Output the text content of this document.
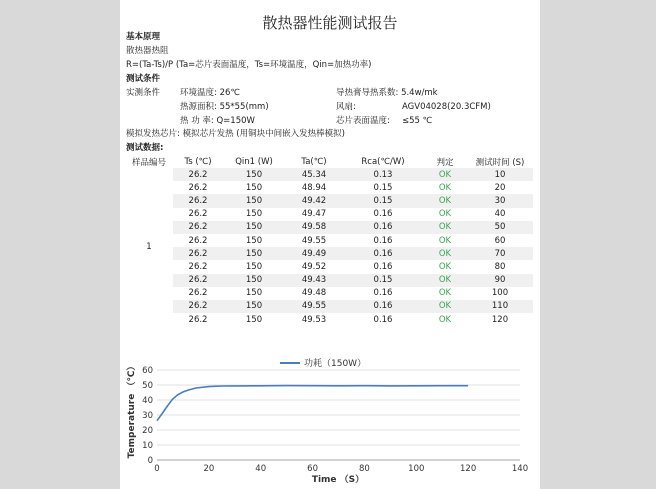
散热器性能测试报告
基本原理
散热器热阻
R=(Ta-Ts)/P (Ta=芯片表面温度，Ts=环境温度，Qin=加热功率)
测试条件
实测条件 环境温度: 26℃	导热膏导热系数: 5.4w/mk
热源面积: 55*55(mm)	风扇:	AGV04028(20.3CFM)
热 功 率: Q=150W	芯片表面温度: ≤55 ℃
模拟发热芯片: 模拟芯片发热 (用铜块中间嵌入发热棒模拟)
测试数据:
样品编号	Ts (℃)	Qin1 (W)	Ta(℃)	Rca(℃/W)	判定	测试时间 (S)
1	26.2	150	45.34	0.13	OK	10
	26.2	150	48.94	0.15	OK	20
	26.2	150	49.42	0.15	OK	30
	26.2	150	49.47	0.16	OK	40
	26.2	150	49.58	0.16	OK	50
	26.2	150	49.55	0.16	OK	60
	26.2	150	49.49	0.16	OK	70
	26.2	150	49.52	0.16	OK	80
	26.2	150	49.43	0.15	OK	90
	26.2	150	49.48	0.16	OK	100
	26.2	150	49.55	0.16	OK	110
	26.2	150	49.53	0.16	OK	120
0
10
20
30
40
50
60
0	20	40	60	80	100	120	140
功耗（150W）
Time （S）
Temperature （℃）
